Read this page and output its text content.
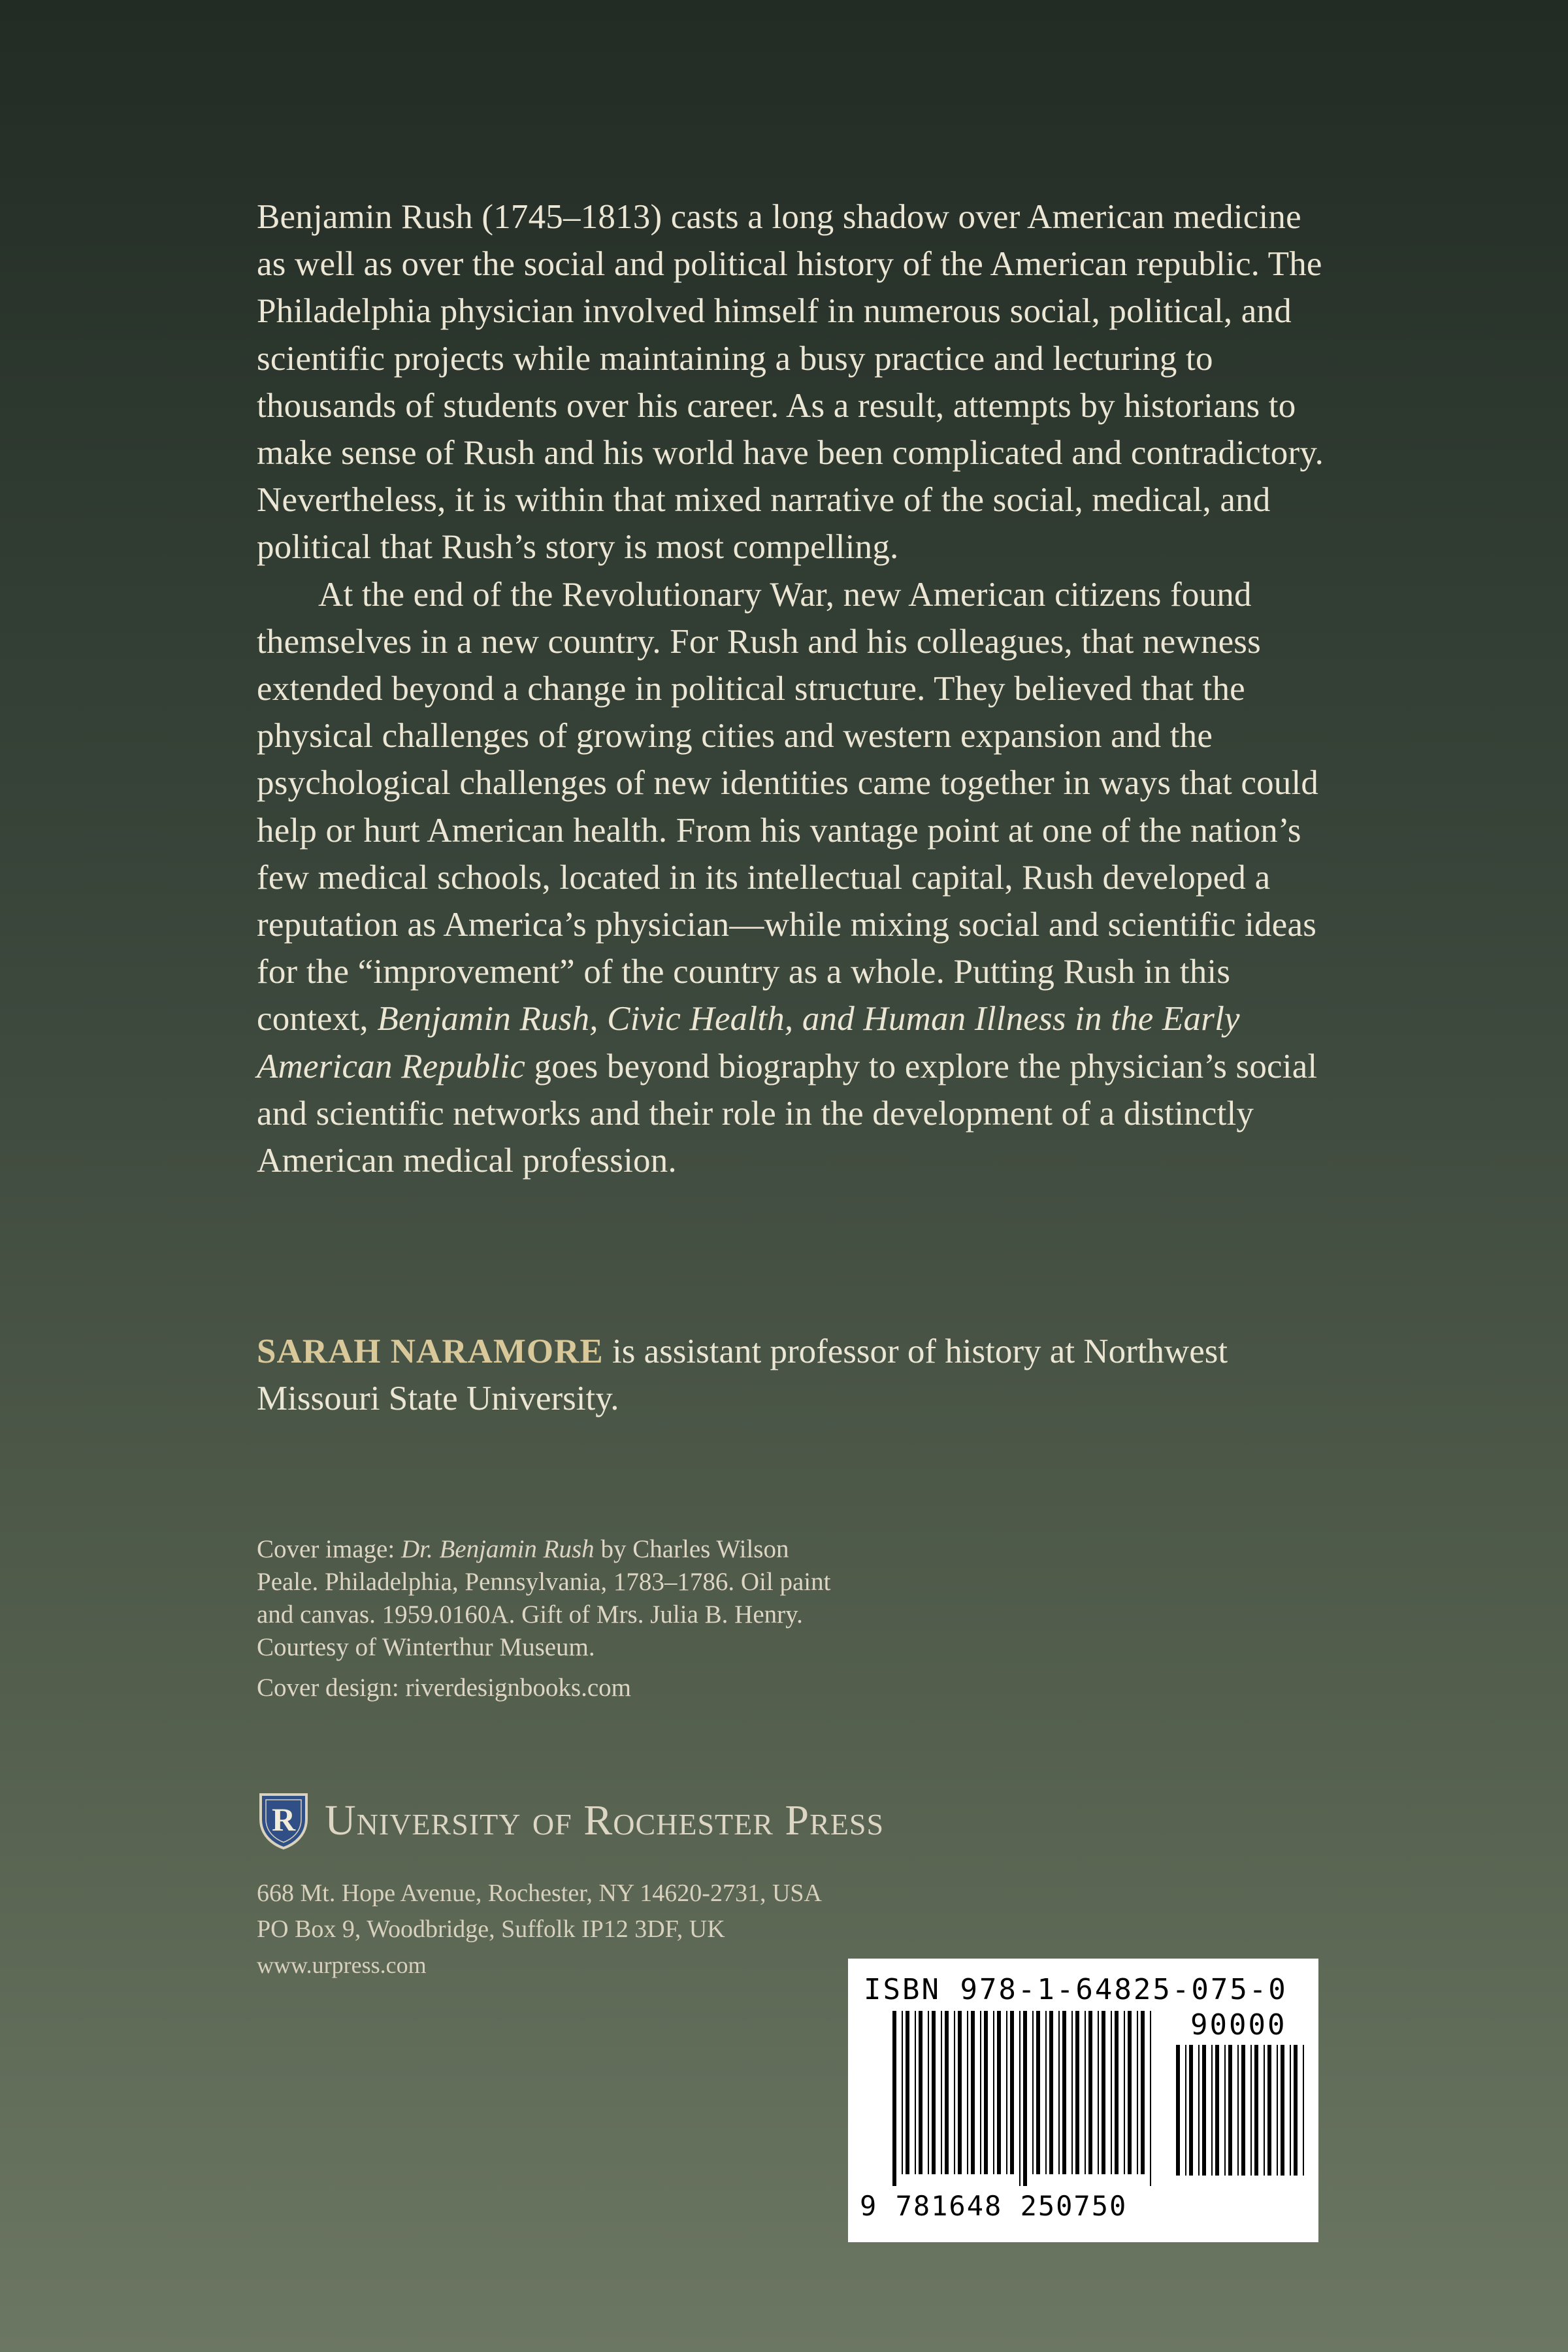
Benjamin Rush (1745–1813) casts a long shadow over American medicine as well as over the social and political history of the American republic. The Philadelphia physician involved himself in numerous social, political, and scientific projects while maintaining a busy practice and lecturing to thousands of students over his career. As a result, attempts by historians to make sense of Rush and his world have been complicated and contradictory. Nevertheless, it is within that mixed narrative of the social, medical, and political that Rush’s story is most compelling.

At the end of the Revolutionary War, new American citizens found themselves in a new country. For Rush and his colleagues, that newness extended beyond a change in political structure. They believed that the physical challenges of growing cities and western expansion and the psychological challenges of new identities came together in ways that could help or hurt American health. From his vantage point at one of the nation’s few medical schools, located in its intellectual capital, Rush developed a reputation as America’s physician—while mixing social and scientific ideas for the “improvement” of the country as a whole. Putting Rush in this context, Benjamin Rush, Civic Health, and Human Illness in the Early American Republic goes beyond biography to explore the physician’s social and scientific networks and their role in the development of a distinctly American medical profession.

SARAH NARAMORE is assistant professor of history at Northwest Missouri State University.

Cover image: Dr. Benjamin Rush by Charles Wilson Peale. Philadelphia, Pennsylvania, 1783–1786. Oil paint and canvas. 1959.0160A. Gift of Mrs. Julia B. Henry. Courtesy of Winterthur Museum.

Cover design: riverdesignbooks.com

R University of Rochester Press

668 Mt. Hope Avenue, Rochester, NY 14620-2731, USA

PO Box 9, Woodbridge, Suffolk IP12 3DF, UK

www.urpress.com

ISBN 978-1-64825-075-0

90000

9 781648 250750
